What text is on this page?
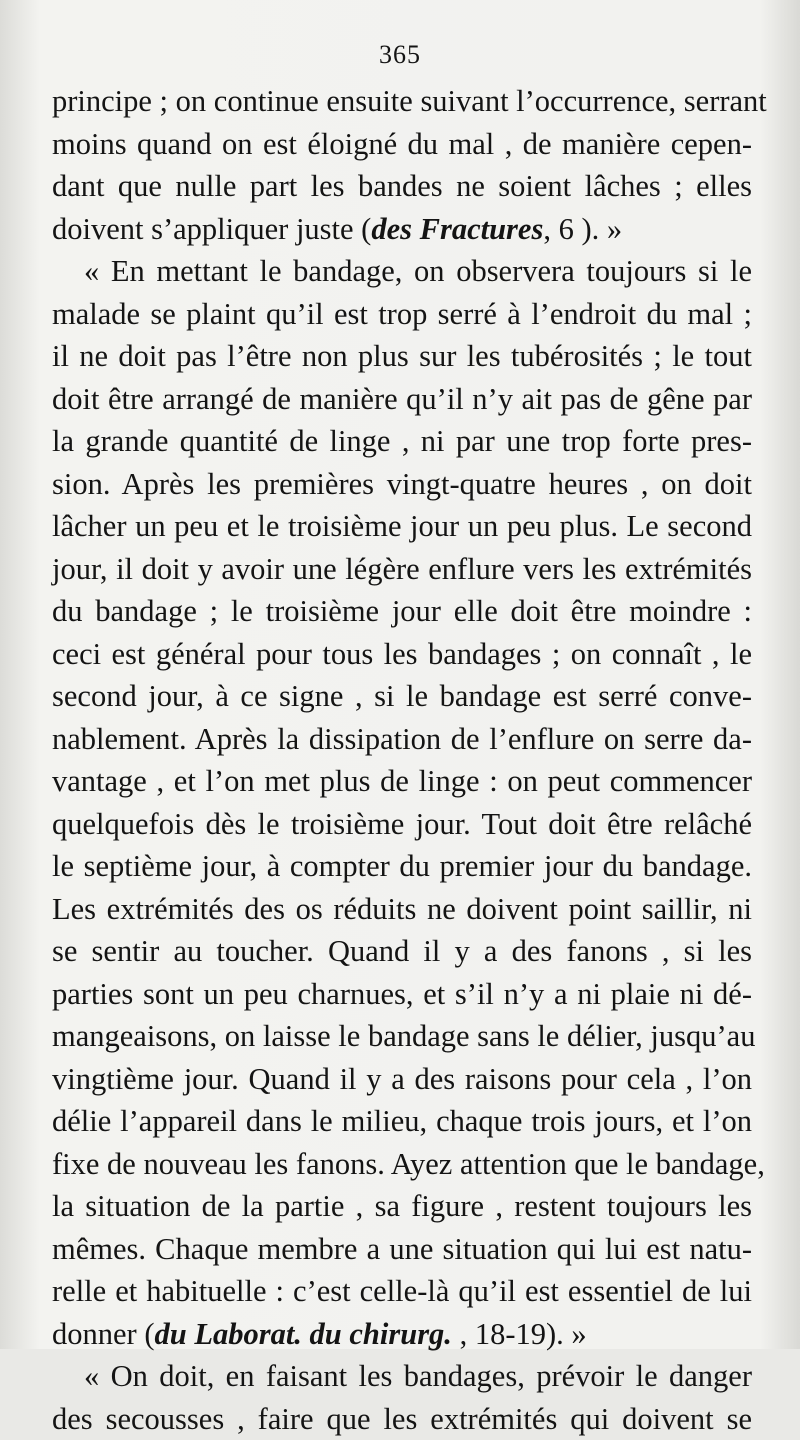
365
principe ; on continue ensuite suivant l’occurrence, serrant
moins quand on est éloigné du mal , de manière cepen-
dant que nulle part les bandes ne soient lâches ; elles
doivent s’appliquer juste (des Fractures, 6 ). »
« En mettant le bandage, on observera toujours si le
malade se plaint qu’il est trop serré à l’endroit du mal ;
il ne doit pas l’être non plus sur les tubérosités ; le tout
doit être arrangé de manière qu’il n’y ait pas de gêne par
la grande quantité de linge , ni par une trop forte pres-
sion. Après les premières vingt-quatre heures , on doit
lâcher un peu et le troisième jour un peu plus. Le second
jour, il doit y avoir une légère enflure vers les extrémités
du bandage ; le troisième jour elle doit être moindre :
ceci est général pour tous les bandages ; on connaît , le
second jour, à ce signe , si le bandage est serré conve-
nablement. Après la dissipation de l’enflure on serre da-
vantage , et l’on met plus de linge : on peut commencer
quelquefois dès le troisième jour. Tout doit être relâché
le septième jour, à compter du premier jour du bandage.
Les extrémités des os réduits ne doivent point saillir, ni
se sentir au toucher. Quand il y a des fanons , si les
parties sont un peu charnues, et s’il n’y a ni plaie ni dé-
mangeaisons, on laisse le bandage sans le délier, jusqu’au
vingtième jour. Quand il y a des raisons pour cela , l’on
délie l’appareil dans le milieu, chaque trois jours, et l’on
fixe de nouveau les fanons. Ayez attention que le bandage,
la situation de la partie , sa figure , restent toujours les
mêmes. Chaque membre a une situation qui lui est natu-
relle et habituelle : c’est celle-là qu’il est essentiel de lui
donner (du Laborat. du chirurg. , 18-19). »
« On doit, en faisant les bandages, prévoir le danger
des secousses , faire que les extrémités qui doivent se
